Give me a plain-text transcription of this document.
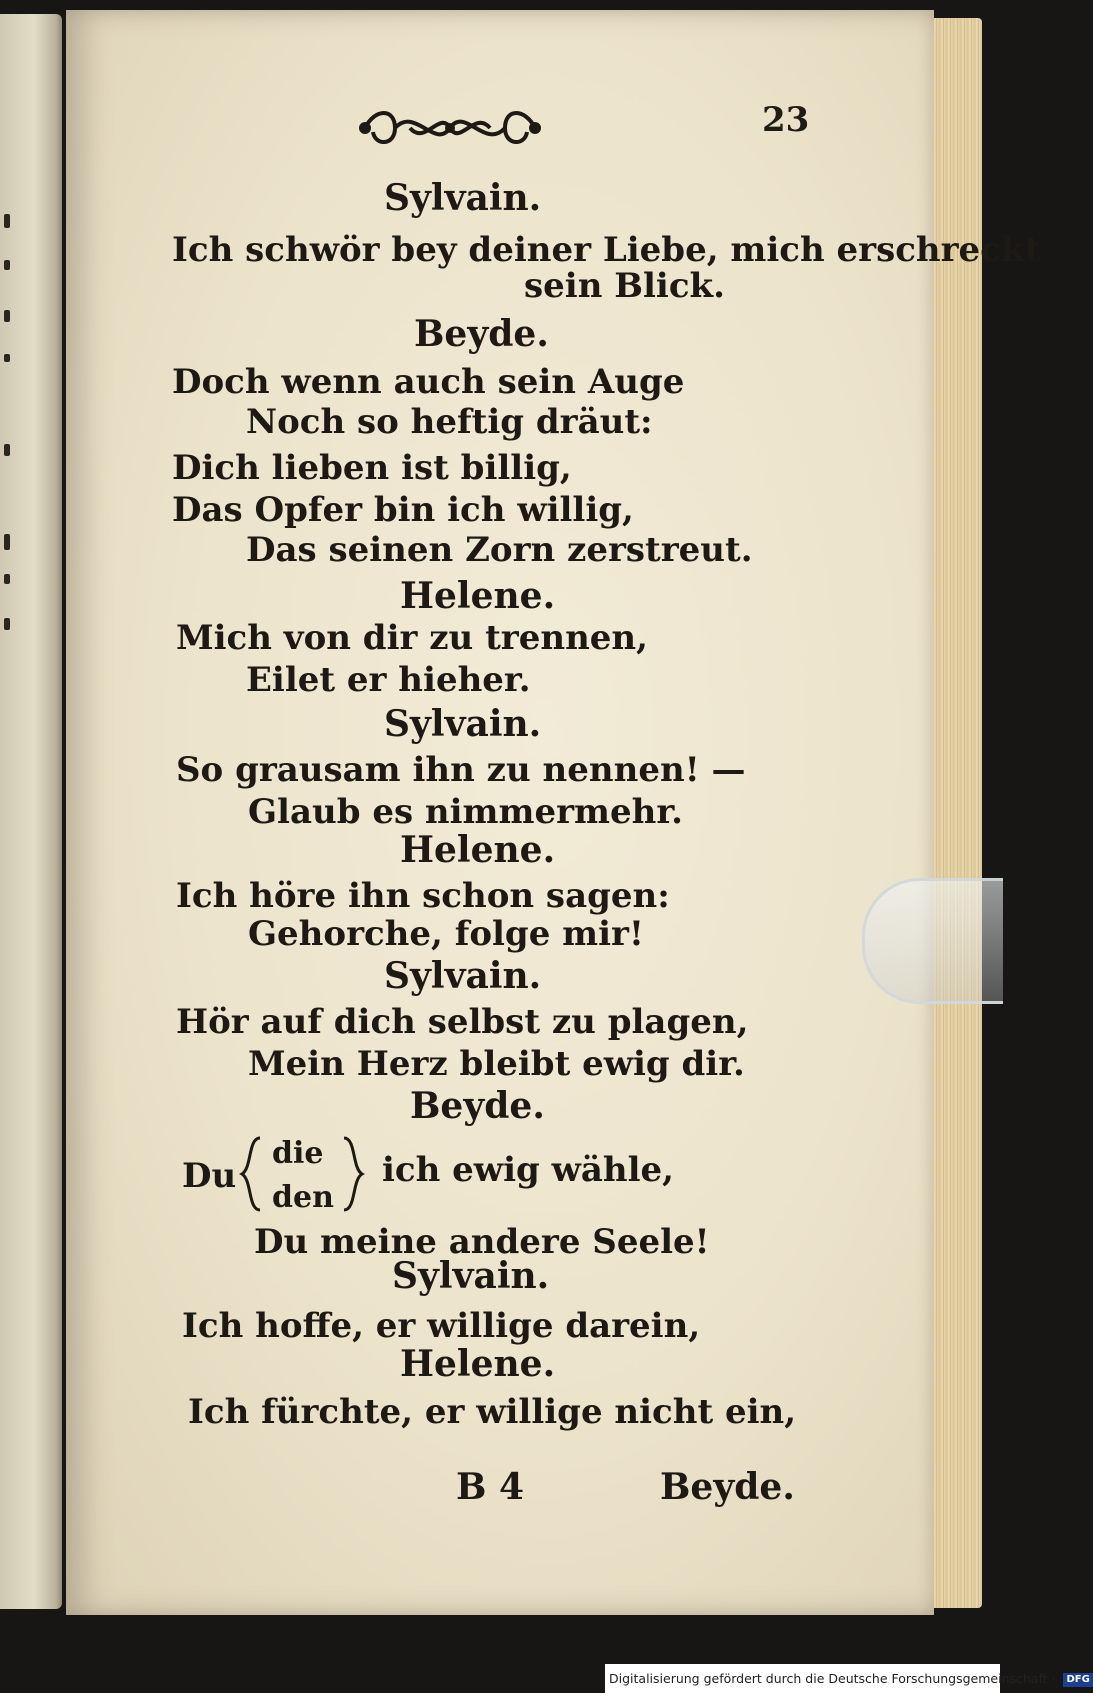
23
Sylvain.
Ich schwör bey deiner Liebe, mich erschreckt
sein Blick.
Beyde.
Doch wenn auch sein Auge
Noch so heftig dräut:
Dich lieben ist billig,
Das Opfer bin ich willig,
Das seinen Zorn zerstreut.
Helene.
Mich von dir zu trennen,
Eilet er hieher.
Sylvain.
So grausam ihn zu nennen! —
Glaub es nimmermehr.
Helene.
Ich höre ihn schon sagen:
Gehorche, folge mir!
Sylvain.
Hör auf dich selbst zu plagen,
Mein Herz bleibt ewig dir.
Beyde.
Du
die
den
ich ewig wähle,
Du meine andere Seele!
Sylvain.
Ich hoffe, er willige darein,
Helene.
Ich fürchte, er willige nicht ein,
B 4	Beyde.
Digitalisierung gefördert durch die Deutsche Forschungsgemeinschaft · DFG
